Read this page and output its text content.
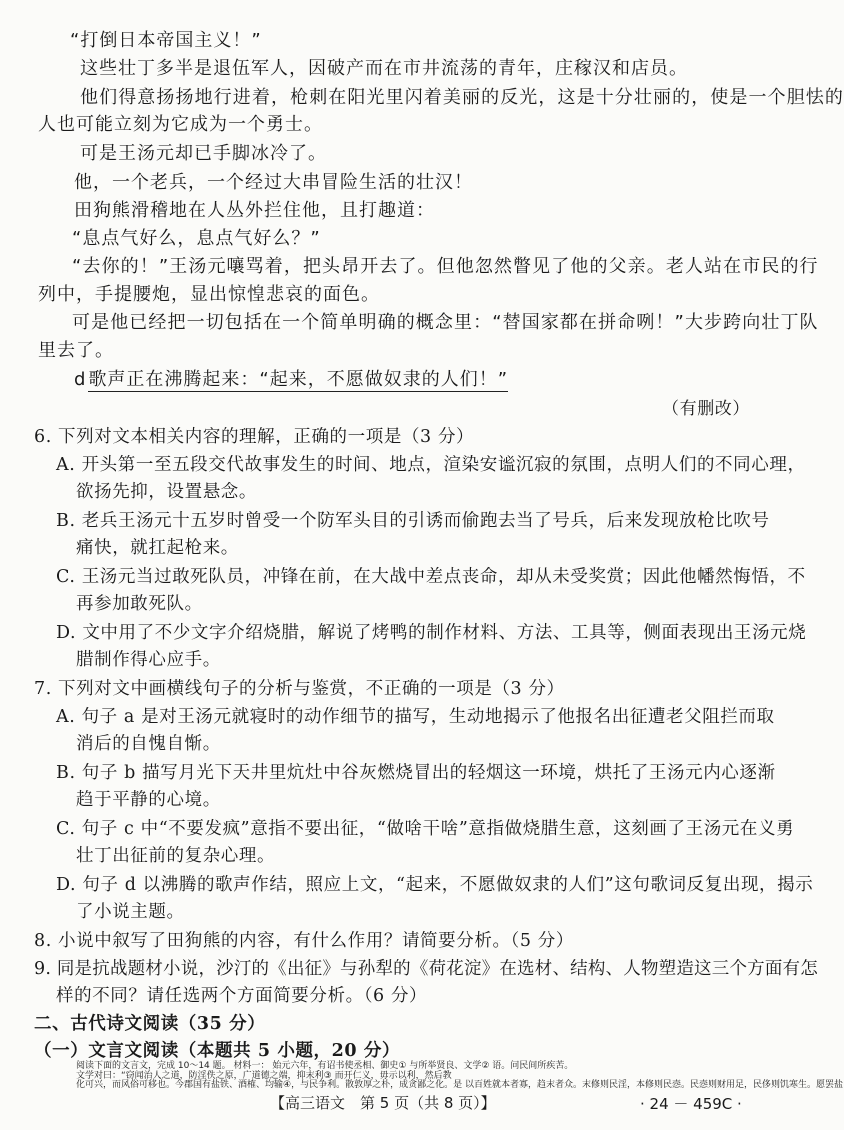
“打倒日本帝国主义！”
这些壮丁多半是退伍军人，因破产而在市井流荡的青年，庄稼汉和店员。
他们得意扬扬地行进着，枪刺在阳光里闪着美丽的反光，这是十分壮丽的，使是一个胆怯的
人也可能立刻为它成为一个勇士。
可是王汤元却已手脚冰冷了。
他，一个老兵，一个经过大串冒险生活的壮汉！
田狗熊滑稽地在人丛外拦住他，且打趣道：
“息点气好么，息点气好么？”
“去你的！”王汤元嚷骂着，把头昂开去了。但他忽然瞥见了他的父亲。老人站在市民的行
列中，手提腰炮，显出惊惶悲哀的面色。
可是他已经把一切包括在一个简单明确的概念里：“替国家都在拼命咧！”大步跨向壮丁队
里去了。
d 歌声正在沸腾起来：“起来，不愿做奴隶的人们！”
（有删改）
6. 下列对文本相关内容的理解，正确的一项是（3 分）
A. 开头第一至五段交代故事发生的时间、地点，渲染安谧沉寂的氛围，点明人们的不同心理，
欲扬先抑，设置悬念。
B. 老兵王汤元十五岁时曾受一个防军头目的引诱而偷跑去当了号兵，后来发现放枪比吹号
痛快，就扛起枪来。
C. 王汤元当过敢死队员，冲锋在前，在大战中差点丧命，却从未受奖赏；因此他幡然悔悟，不
再参加敢死队。
D. 文中用了不少文字介绍烧腊，解说了烤鸭的制作材料、方法、工具等，侧面表现出王汤元烧
腊制作得心应手。
7. 下列对文中画横线句子的分析与鉴赏，不正确的一项是（3 分）
A. 句子 a 是对王汤元就寝时的动作细节的描写，生动地揭示了他报名出征遭老父阻拦而取
消后的自愧自惭。
B. 句子 b 描写月光下天井里炕灶中谷灰燃烧冒出的轻烟这一环境，烘托了王汤元内心逐渐
趋于平静的心境。
C. 句子 c 中“不要发疯”意指不要出征，“做啥干啥”意指做烧腊生意，这刻画了王汤元在义勇
壮丁出征前的复杂心理。
D. 句子 d 以沸腾的歌声作结，照应上文，“起来，不愿做奴隶的人们”这句歌词反复出现，揭示
了小说主题。
8. 小说中叙写了田狗熊的内容，有什么作用？请简要分析。（5 分）
9. 同是抗战题材小说，沙汀的《出征》与孙犁的《荷花淀》在选材、结构、人物塑造这三个方面有怎
样的不同？请任选两个方面简要分析。（6 分）
二、古代诗文阅读（35 分）
（一）文言文阅读（本题共 5 小题，20 分）
【高三语文　第 5 页（共 8 页）】	· 24 － 459C ·
阅读下面的文言文，完成 10～14 题。 材料一： 始元六年，有诏书使丞相、御史① 与所举贤良、文学② 语。问民间所疾苦。
文学对曰：“窃闻治人之道，防淫佚之原，广道德之端，抑末利③ 而开仁义，毋示以利，然后教
化可兴，而风俗可移也。今郡国有盐铁、酒榷、均输④，与民争利。散敦厚之朴，成贪鄙之化。是 以百姓就本者寡，趋末者众。末修则民淫，本修则民悫。民悫则财用足，民侈则饥寒生。愿罢盐
